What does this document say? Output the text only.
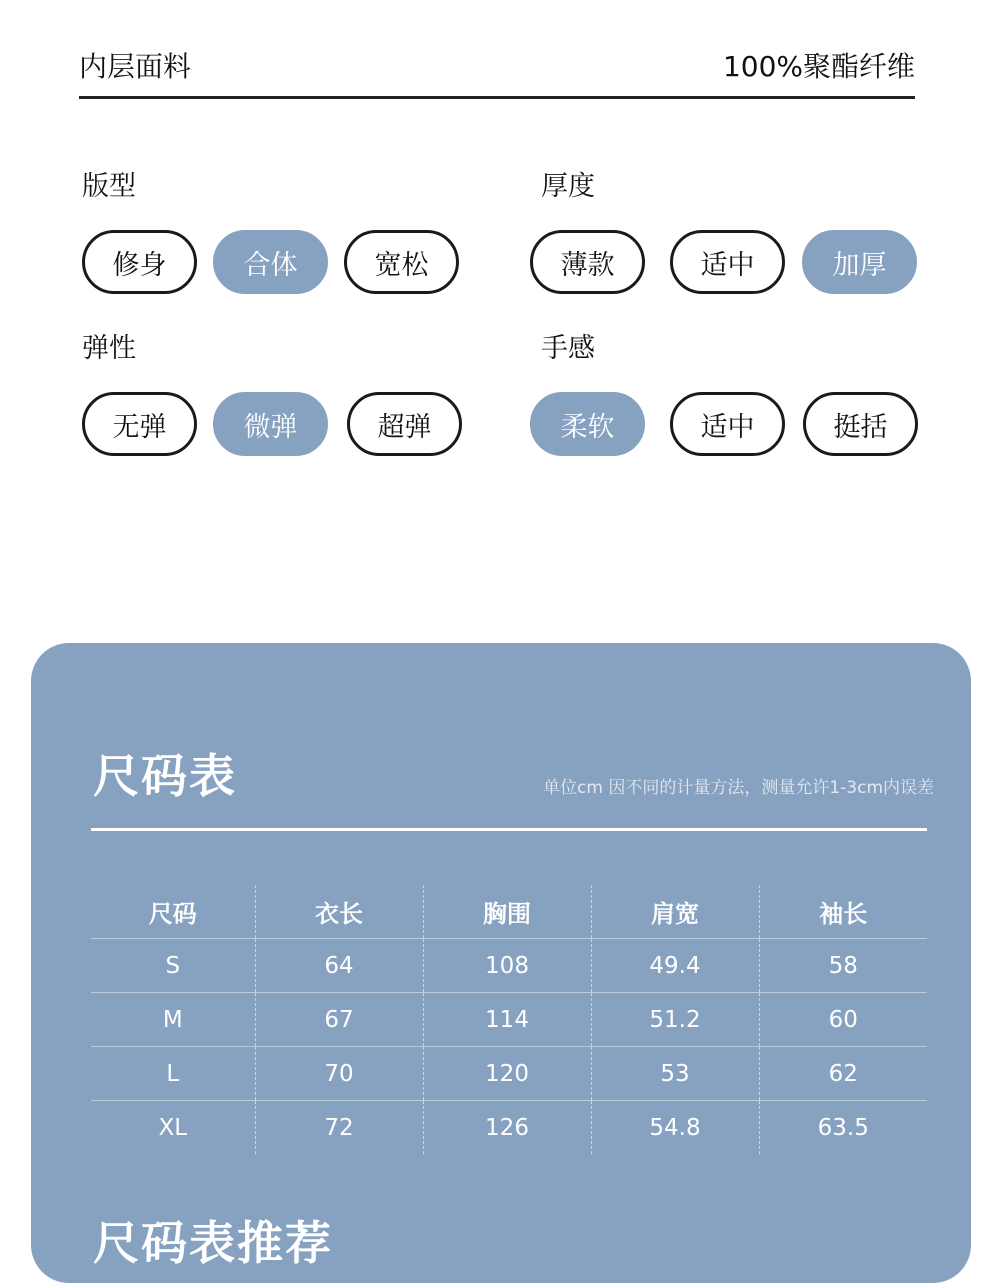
内层面料	100%聚酯纤维
版型
修身	合体	宽松
厚度
薄款	适中	加厚
弹性
无弹	微弹	超弹
手感
柔软	适中	挺括
尺码表	单位cm 因不同的计量方法，测量允许1-3cm内误差
尺码	衣长	胸围	肩宽	袖长
S	64	108	49.4	58
M	67	114	51.2	60
L	70	120	53	62
XL	72	126	54.8	63.5
尺码表推荐
